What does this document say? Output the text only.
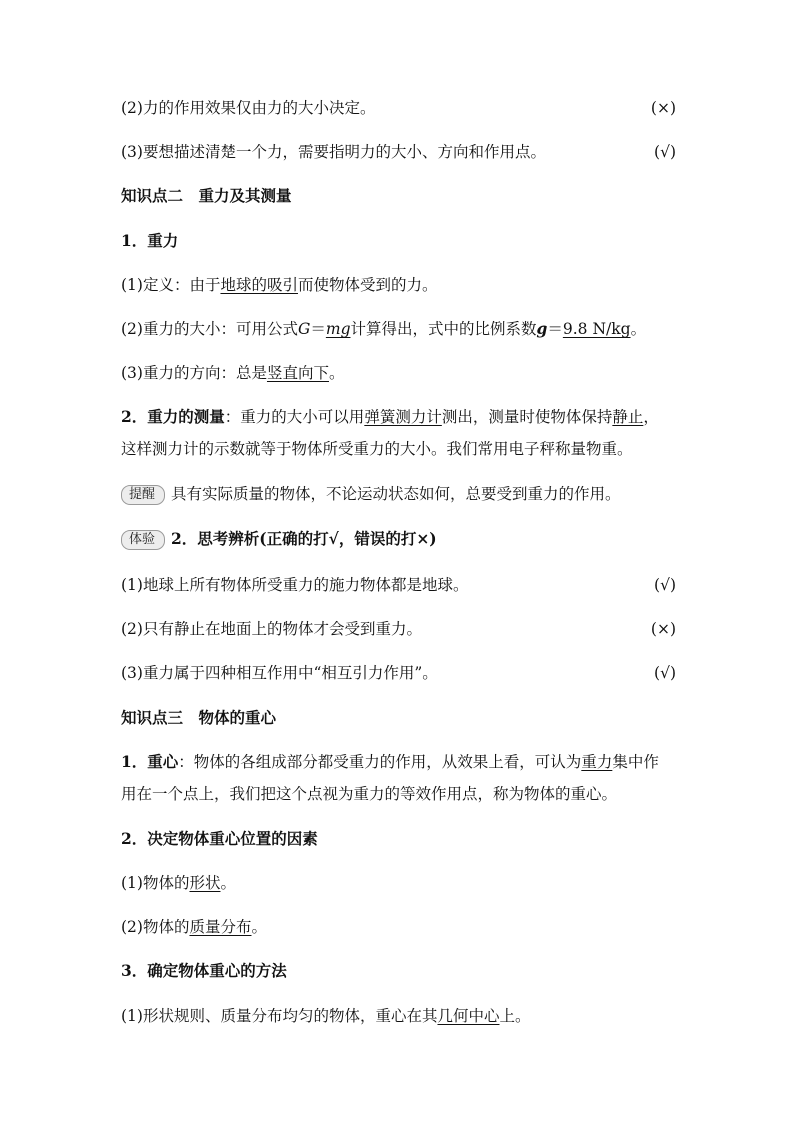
(2)力的作用效果仅由力的大小决定。	(×)
(3)要想描述清楚一个力，需要指明力的大小、方向和作用点。	(√)
知识点二　重力及其测量
1．重力
(1)定义：由于地球的吸引而使物体受到的力。
(2)重力的大小：可用公式G＝mg计算得出，式中的比例系数g＝9.8 N/kg。
(3)重力的方向：总是竖直向下。
2．重力的测量：重力的大小可以用弹簧测力计测出，测量时使物体保持静止，
这样测力计的示数就等于物体所受重力的大小。我们常用电子秤称量物重。
提醒 具有实际质量的物体，不论运动状态如何，总要受到重力的作用。
体验 2．思考辨析(正确的打√，错误的打×)
(1)地球上所有物体所受重力的施力物体都是地球。	(√)
(2)只有静止在地面上的物体才会受到重力。	(×)
(3)重力属于四种相互作用中“相互引力作用”。	(√)
知识点三　物体的重心
1．重心：物体的各组成部分都受重力的作用，从效果上看，可认为重力集中作
用在一个点上，我们把这个点视为重力的等效作用点，称为物体的重心。
2．决定物体重心位置的因素
(1)物体的形状。
(2)物体的质量分布。
3．确定物体重心的方法
(1)形状规则、质量分布均匀的物体，重心在其几何中心上。
